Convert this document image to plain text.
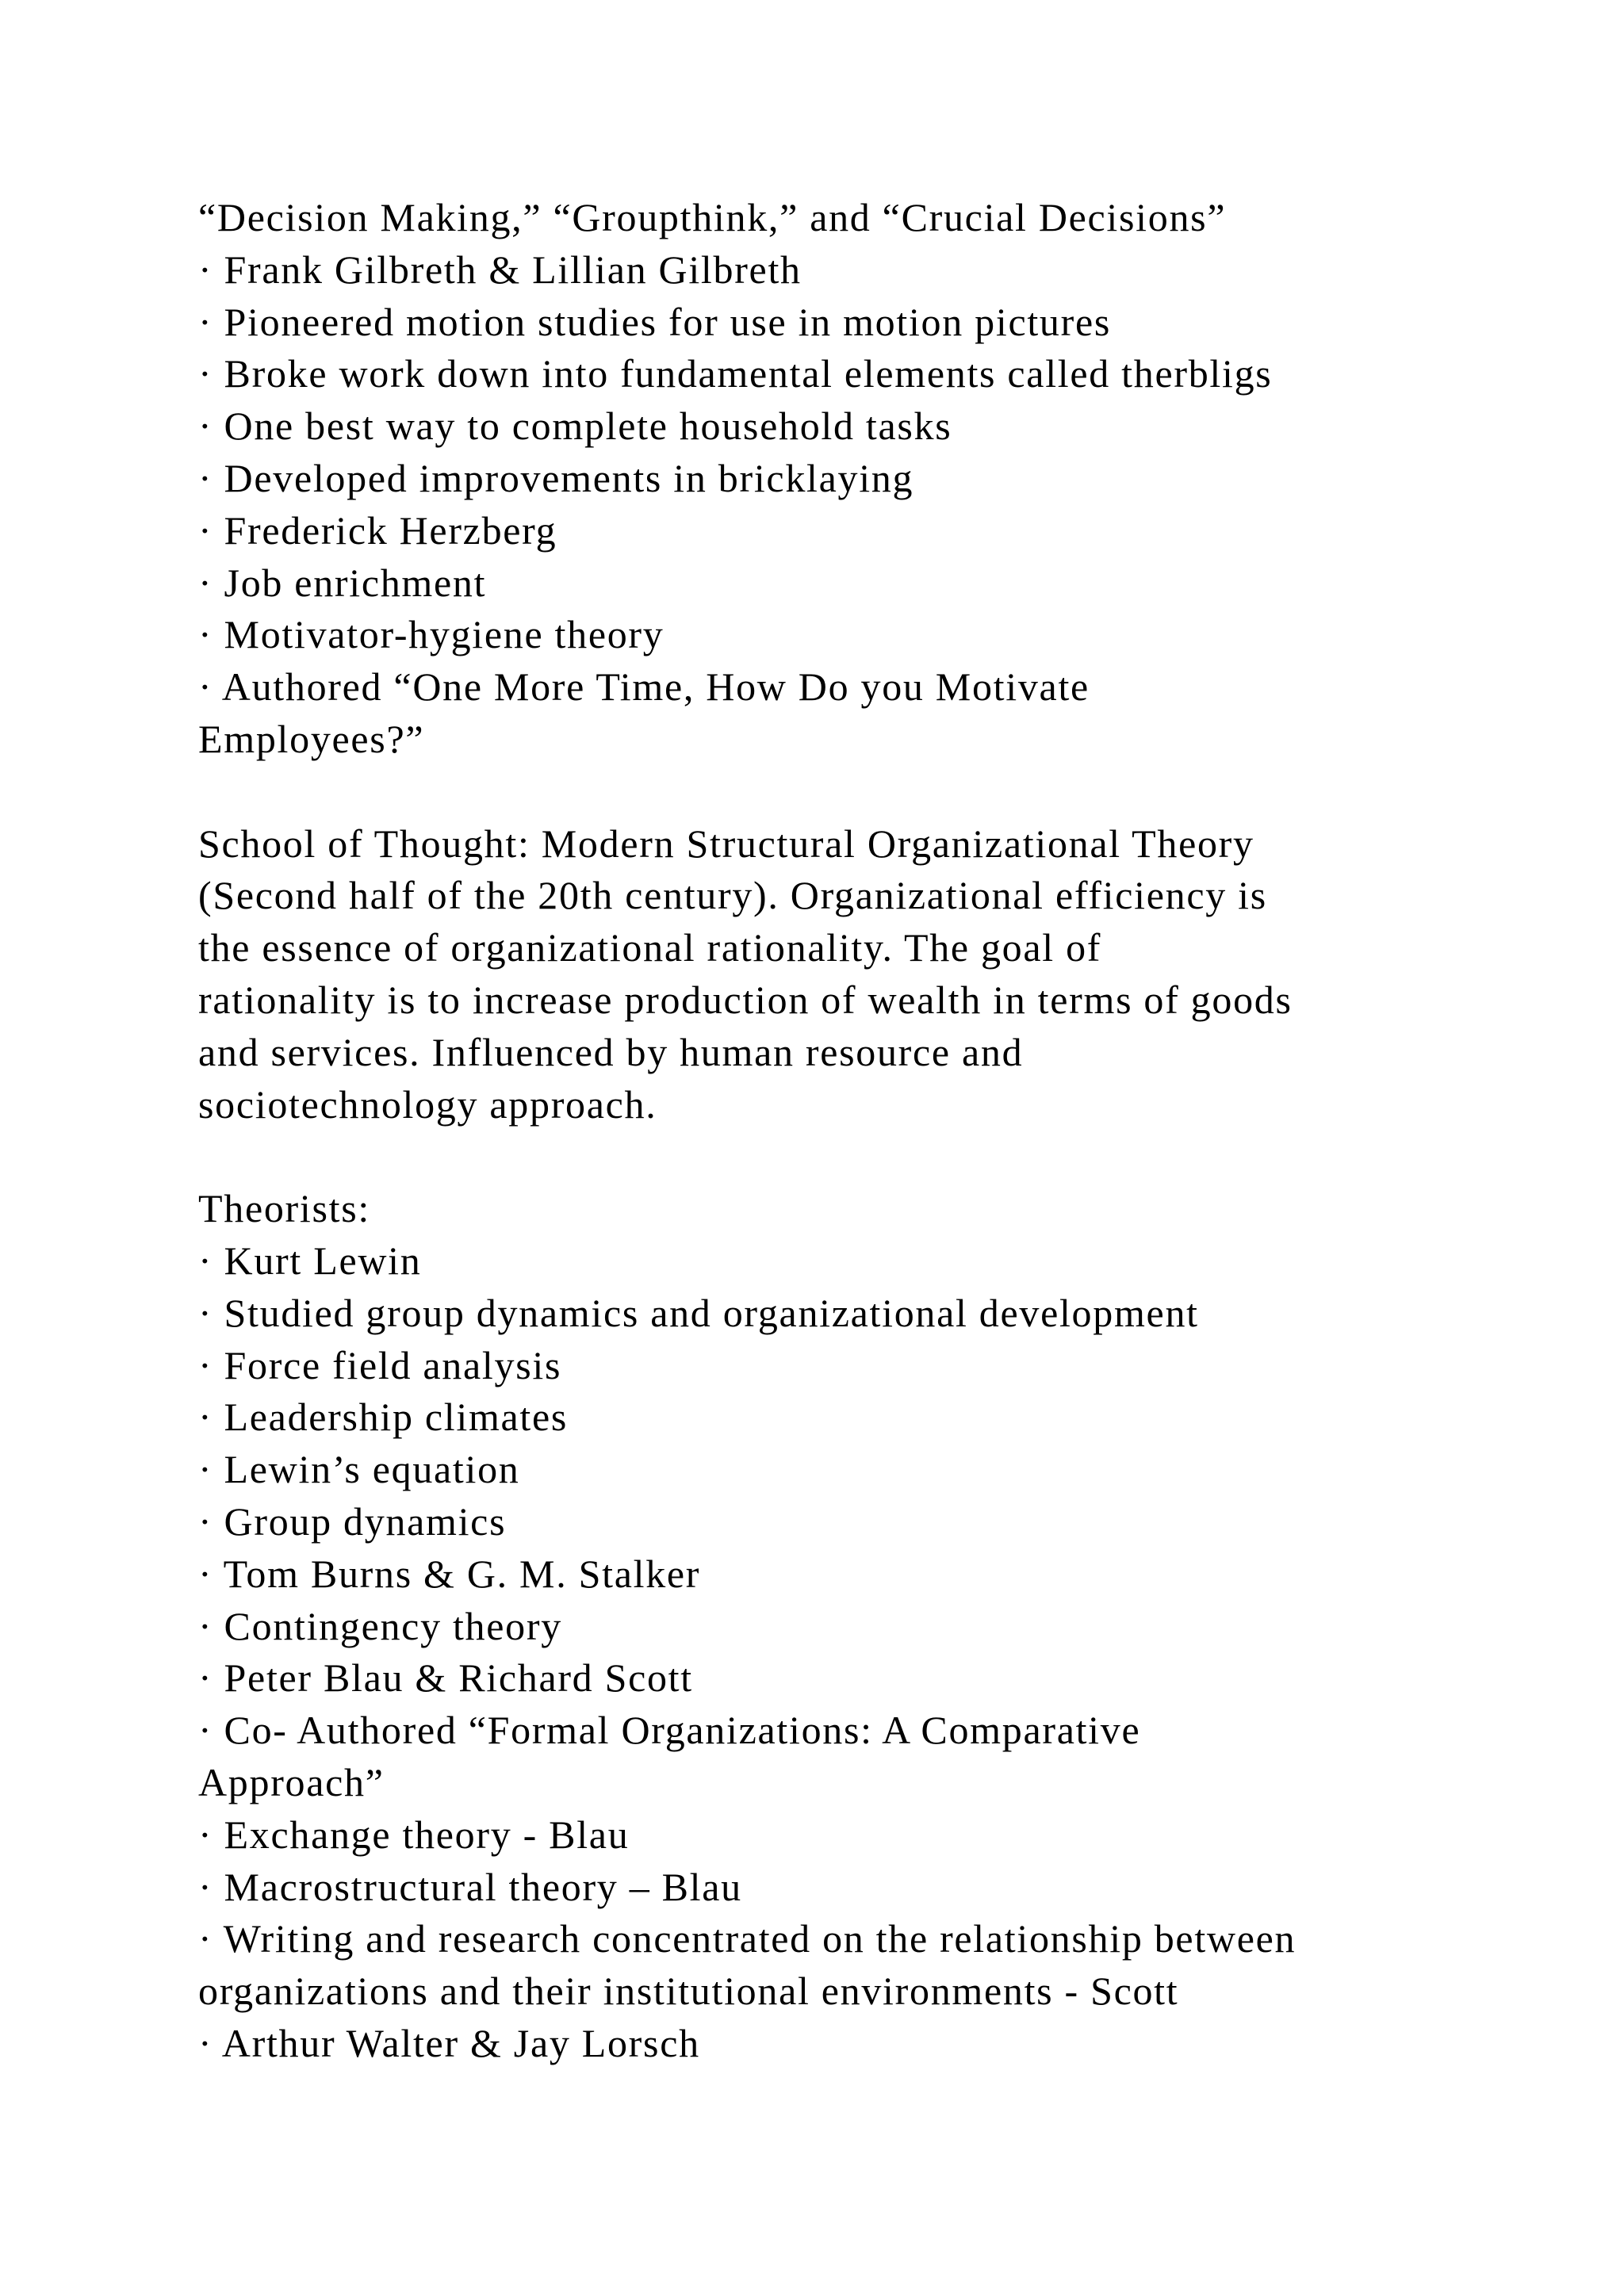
“Decision Making,” “Groupthink,” and “Crucial Decisions”
· Frank Gilbreth & Lillian Gilbreth
· Pioneered motion studies for use in motion pictures
· Broke work down into fundamental elements called therbligs
· One best way to complete household tasks
· Developed improvements in bricklaying
· Frederick Herzberg
· Job enrichment
· Motivator-hygiene theory
· Authored “One More Time, How Do you Motivate
Employees?”
School of Thought: Modern Structural Organizational Theory
(Second half of the 20th century). Organizational efficiency is
the essence of organizational rationality. The goal of
rationality is to increase production of wealth in terms of goods
and services. Influenced by human resource and
sociotechnology approach.
Theorists:
· Kurt Lewin
· Studied group dynamics and organizational development
· Force field analysis
· Leadership climates
· Lewin’s equation
· Group dynamics
· Tom Burns & G. M. Stalker
· Contingency theory
· Peter Blau & Richard Scott
· Co- Authored “Formal Organizations: A Comparative
Approach”
· Exchange theory - Blau
· Macrostructural theory – Blau
· Writing and research concentrated on the relationship between
organizations and their institutional environments - Scott
· Arthur Walter & Jay Lorsch
